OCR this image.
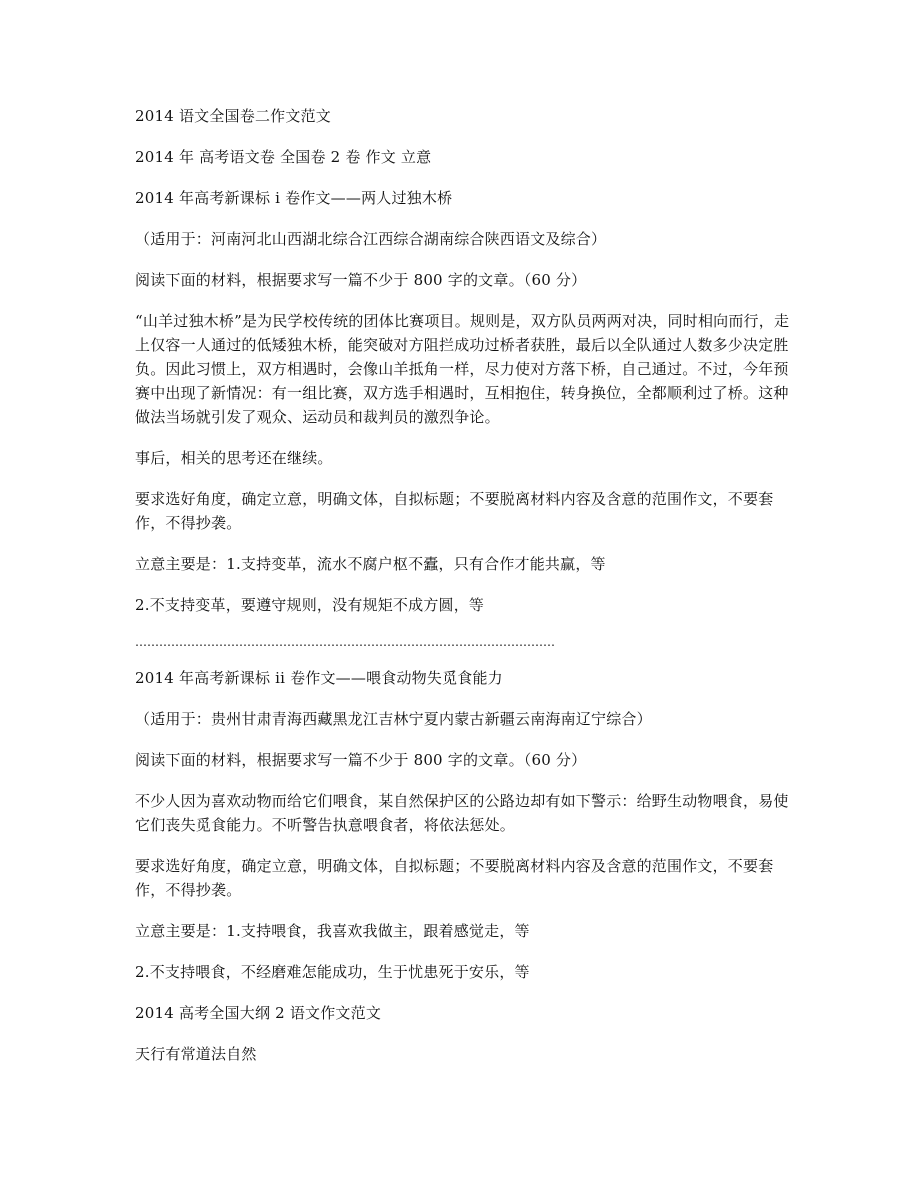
2014 语文全国卷二作文范文

2014 年 高考语文卷 全国卷 2 卷 作文 立意

2014 年高考新课标 i 卷作文——两人过独木桥

（适用于：河南河北山西湖北综合江西综合湖南综合陕西语文及综合）

阅读下面的材料，根据要求写一篇不少于 800 字的文章。（60 分）

“山羊过独木桥”是为民学校传统的团体比赛项目。规则是，双方队员两两对决，同时相向而行，走上仅容一人通过的低矮独木桥，能突破对方阻拦成功过桥者获胜，最后以全队通过人数多少决定胜负。因此习惯上，双方相遇时，会像山羊抵角一样，尽力使对方落下桥，自己通过。不过，今年预赛中出现了新情况：有一组比赛，双方选手相遇时，互相抱住，转身换位，全都顺利过了桥。这种做法当场就引发了观众、运动员和裁判员的激烈争论。

事后，相关的思考还在继续。

要求选好角度，确定立意，明确文体，自拟标题；不要脱离材料内容及含意的范围作文，不要套作，不得抄袭。

立意主要是：1.支持变革，流水不腐户枢不蠹，只有合作才能共赢，等

2.不支持变革，要遵守规则，没有规矩不成方圆，等

……………………………………………………………………………………………

2014 年高考新课标 ii 卷作文——喂食动物失觅食能力

（适用于：贵州甘肃青海西藏黑龙江吉林宁夏内蒙古新疆云南海南辽宁综合）

阅读下面的材料，根据要求写一篇不少于 800 字的文章。（60 分）

不少人因为喜欢动物而给它们喂食，某自然保护区的公路边却有如下警示：给野生动物喂食，易使它们丧失觅食能力。不听警告执意喂食者，将依法惩处。

要求选好角度，确定立意，明确文体，自拟标题；不要脱离材料内容及含意的范围作文，不要套作，不得抄袭。

立意主要是：1.支持喂食，我喜欢我做主，跟着感觉走，等

2.不支持喂食，不经磨难怎能成功，生于忧患死于安乐，等

2014 高考全国大纲 2 语文作文范文

天行有常道法自然
